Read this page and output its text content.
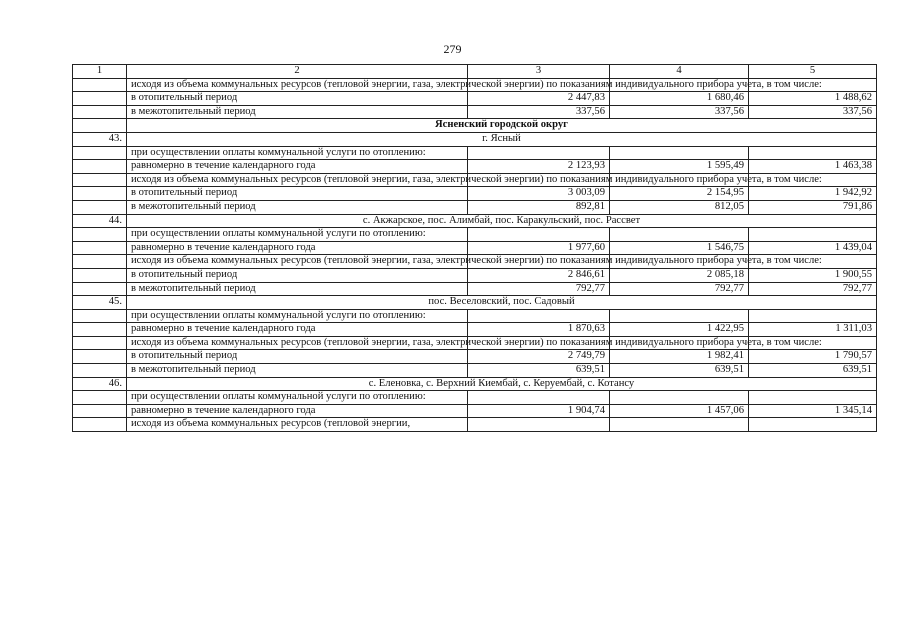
279
1	2	3	4	5
	исходя из объема коммунальных ресурсов (тепловой энергии, газа, электрической энергии) по показаниям индивидуального прибора учета, в том числе:			
	в отопительный период	2 447,83	1 680,46	1 488,62
	в межотопительный период	337,56	337,56	337,56
	Ясненский городской округ			
43.	г. Ясный			
	при осуществлении оплаты коммунальной услуги по отоплению:			
	равномерно в течение календарного года	2 123,93	1 595,49	1 463,38
	исходя из объема коммунальных ресурсов (тепловой энергии, газа, электрической энергии) по показаниям индивидуального прибора учета, в том числе:			
	в отопительный период	3 003,09	2 154,95	1 942,92
	в межотопительный период	892,81	812,05	791,86
44.	с. Акжарское, пос. Алимбай, пос. Каракульский, пос. Рассвет			
	при осуществлении оплаты коммунальной услуги по отоплению:			
	равномерно в течение календарного года	1 977,60	1 546,75	1 439,04
	исходя из объема коммунальных ресурсов (тепловой энергии, газа, электрической энергии) по показаниям индивидуального прибора учета, в том числе:			
	в отопительный период	2 846,61	2 085,18	1 900,55
	в межотопительный период	792,77	792,77	792,77
45.	пос. Веселовский, пос. Садовый			
	при осуществлении оплаты коммунальной услуги по отоплению:			
	равномерно в течение календарного года	1 870,63	1 422,95	1 311,03
	исходя из объема коммунальных ресурсов (тепловой энергии, газа, электрической энергии) по показаниям индивидуального прибора учета, в том числе:			
	в отопительный период	2 749,79	1 982,41	1 790,57
	в межотопительный период	639,51	639,51	639,51
46.	с. Еленовка, с. Верхний Киембай, с. Керуембай, с. Котансу			
	при осуществлении оплаты коммунальной услуги по отоплению:			
	равномерно в течение календарного года	1 904,74	1 457,06	1 345,14
	исходя из объема коммунальных ресурсов (тепловой энергии,			
